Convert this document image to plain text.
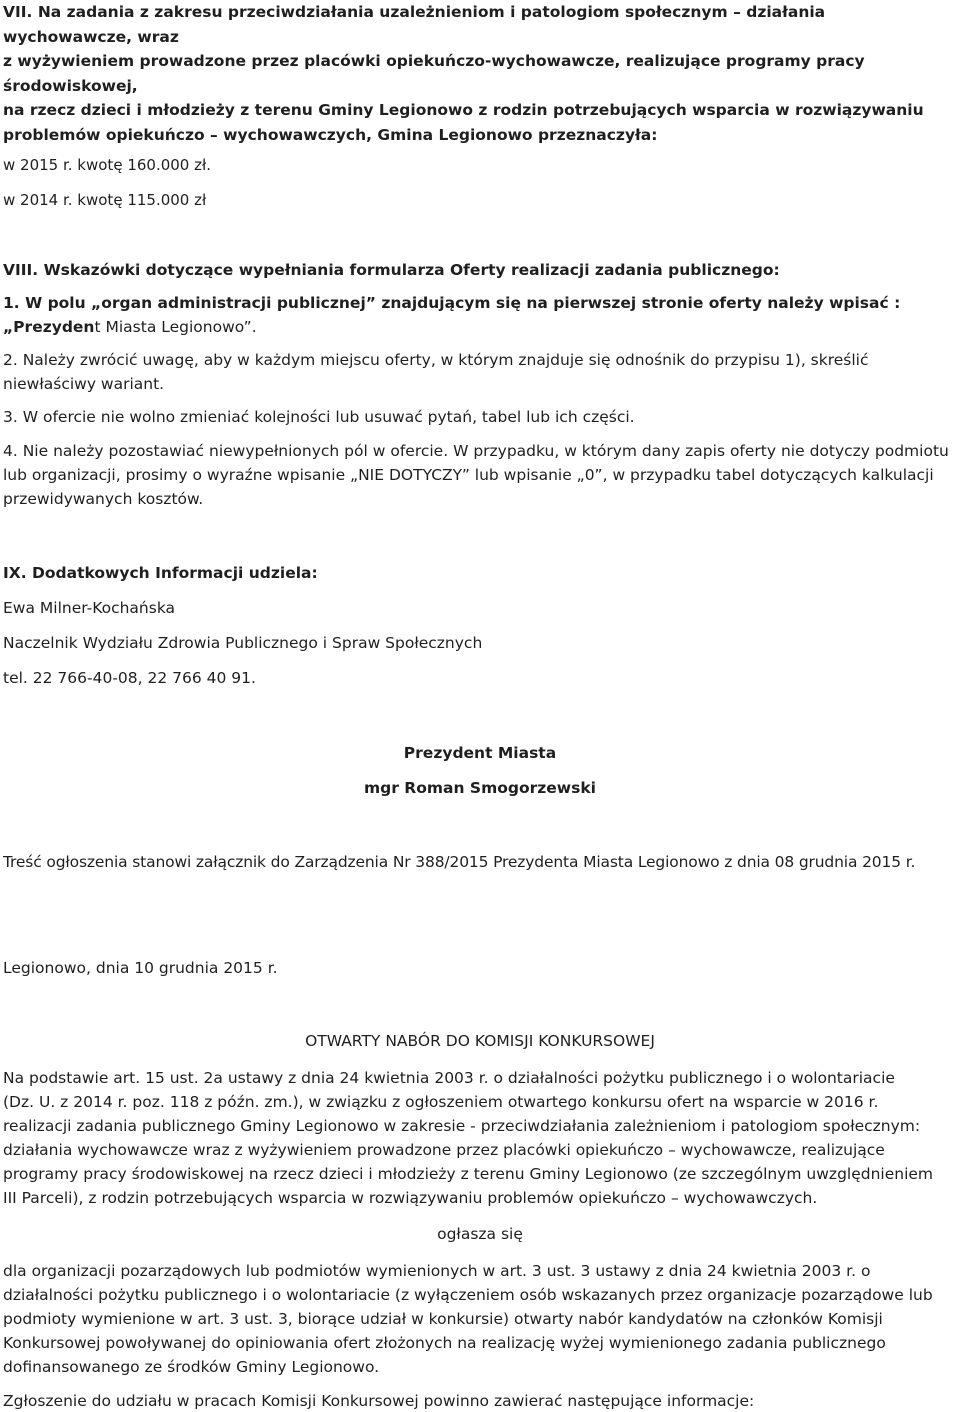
VII. Na zadania z zakresu przeciwdziałania uzależnieniom i patologiom społecznym – działania wychowawcze, wraz
z wyżywieniem prowadzone przez placówki opiekuńczo-wychowawcze, realizujące programy pracy środowiskowej,
na rzecz dzieci i młodzieży z terenu Gminy Legionowo z rodzin potrzebujących wsparcia w rozwiązywaniu
problemów opiekuńczo – wychowawczych, Gmina Legionowo przeznaczyła:

w 2015 r. kwotę 160.000 zł.

w 2014 r. kwotę 115.000 zł

VIII. Wskazówki dotyczące wypełniania formularza Oferty realizacji zadania publicznego:

1. W polu „organ administracji publicznej” znajdującym się na pierwszej stronie oferty należy wpisać : „Prezydent Miasta Legionowo”.

2. Należy zwrócić uwagę, aby w każdym miejscu oferty, w którym znajduje się odnośnik do przypisu 1), skreślić niewłaściwy wariant.

3. W ofercie nie wolno zmieniać kolejności lub usuwać pytań, tabel lub ich części.

4. Nie należy pozostawiać niewypełnionych pól w ofercie. W przypadku, w którym dany zapis oferty nie dotyczy podmiotu lub organizacji, prosimy o wyraźne wpisanie „NIE DOTYCZY” lub wpisanie „0”, w przypadku tabel dotyczących kalkulacji przewidywanych kosztów.

IX. Dodatkowych Informacji udziela:

Ewa Milner-Kochańska

Naczelnik Wydziału Zdrowia Publicznego i Spraw Społecznych

tel. 22 766-40-08, 22 766 40 91.

Prezydent Miasta

mgr Roman Smogorzewski

Treść ogłoszenia stanowi załącznik do Zarządzenia Nr 388/2015 Prezydenta Miasta Legionowo z dnia 08 grudnia 2015 r.

Legionowo, dnia 10 grudnia 2015 r.

OTWARTY NABÓR DO KOMISJI KONKURSOWEJ

Na podstawie art. 15 ust. 2a ustawy z dnia 24 kwietnia 2003 r. o działalności pożytku publicznego i o wolontariacie
(Dz. U. z 2014 r. poz. 118 z późn. zm.), w związku z ogłoszeniem otwartego konkursu ofert na wsparcie w 2016 r.
realizacji zadania publicznego Gminy Legionowo w zakresie - przeciwdziałania zależnieniom i patologiom społecznym:
działania wychowawcze wraz z wyżywieniem prowadzone przez placówki opiekuńczo – wychowawcze, realizujące
programy pracy środowiskowej na rzecz dzieci i młodzieży z terenu Gminy Legionowo (ze szczególnym uwzględnieniem
III Parceli), z rodzin potrzebujących wsparcia w rozwiązywaniu problemów opiekuńczo – wychowawczych.

ogłasza się

dla organizacji pozarządowych lub podmiotów wymienionych w art. 3 ust. 3 ustawy z dnia 24 kwietnia 2003 r. o
działalności pożytku publicznego i o wolontariacie (z wyłączeniem osób wskazanych przez organizacje pozarządowe lub
podmioty wymienione w art. 3 ust. 3, biorące udział w konkursie) otwarty nabór kandydatów na członków Komisji
Konkursowej powoływanej do opiniowania ofert złożonych na realizację wyżej wymienionego zadania publicznego
dofinansowanego ze środków Gminy Legionowo.

Zgłoszenie do udziału w pracach Komisji Konkursowej powinno zawierać następujące informacje:
